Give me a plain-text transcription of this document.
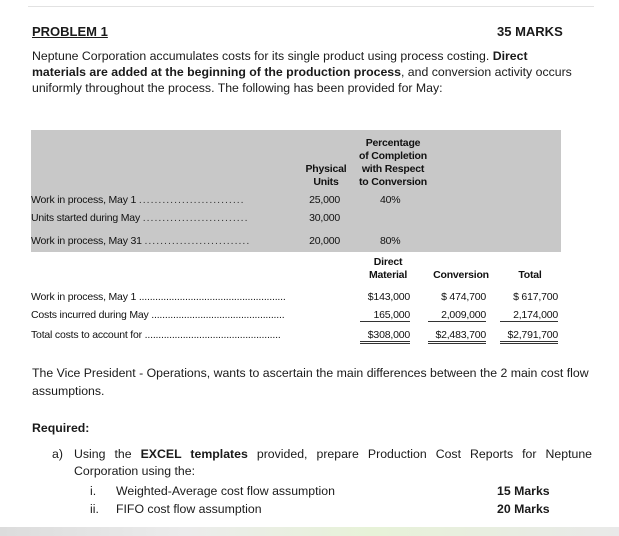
PROBLEM 1	35 MARKS
Neptune Corporation accumulates costs for its single product using process costing. Direct materials are added at the beginning of the production process, and conversion activity occurs uniformly throughout the process. The following has been provided for May:
Percentage
of Completion
with Respect
to Conversion
Physical
Units
Work in process, May 1 ...........................	25,000	40%
Units started during May ...........................	30,000
Work in process, May 31 ...........................	20,000	80%
Direct
Material	Conversion	Total
Work in process, May 1 ......................................................	$143,000	$ 474,700	$ 617,700
Costs incurred during May .................................................	165,000	2,009,000	2,174,000
Total costs to account for ..................................................	$308,000	$2,483,700	$2,791,700
The Vice President - Operations, wants to ascertain the main differences between the 2 main cost flow assumptions.
Required:
a) Using the EXCEL templates provided, prepare Production Cost Reports for Neptune Corporation using the:
i. Weighted-Average cost flow assumption	15 Marks
ii. FIFO cost flow assumption	20 Marks
